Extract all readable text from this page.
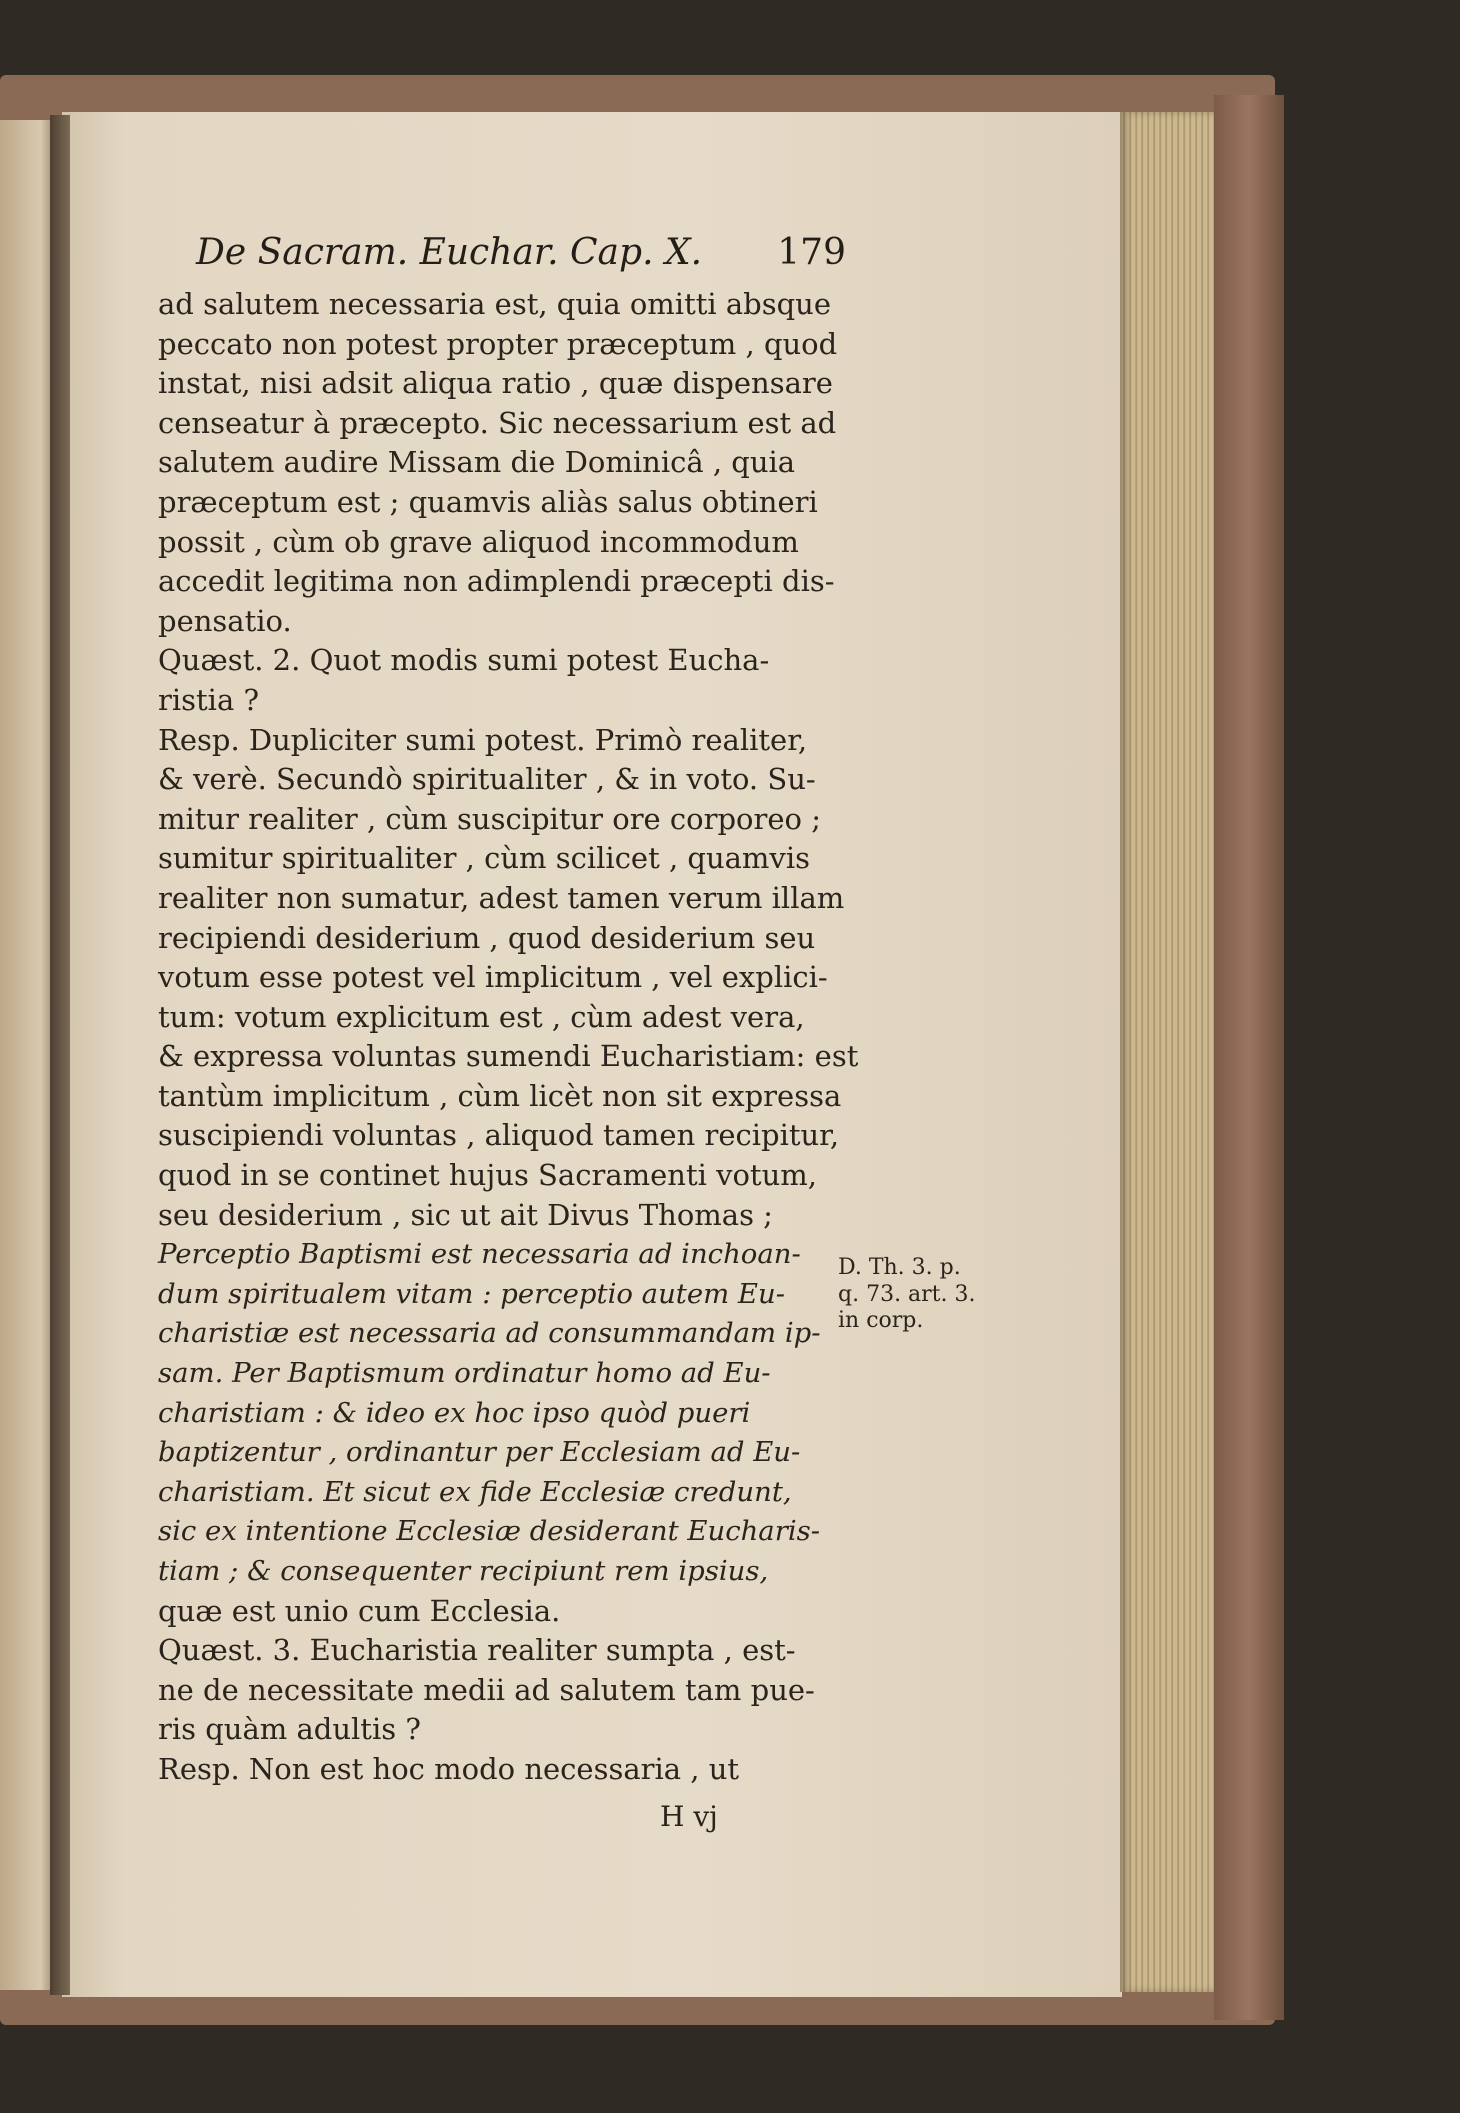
De Sacram. Euchar. Cap. X. 179
ad salutem necessaria est, quia omitti absque
peccato non potest propter præceptum , quod
instat, nisi adsit aliqua ratio , quæ dispensare
censeatur à præcepto. Sic necessarium est ad
salutem audire Missam die Dominicâ , quia
præceptum est ; quamvis aliàs salus obtineri
possit , cùm ob grave aliquod incommodum
accedit legitima non adimplendi præcepti dis-
pensatio.
Quæst. 2. Quot modis sumi potest Eucha-
ristia ?
Resp. Dupliciter sumi potest. Primò realiter,
& verè. Secundò spiritualiter , & in voto. Su-
mitur realiter , cùm suscipitur ore corporeo ;
sumitur spiritualiter , cùm scilicet , quamvis
realiter non sumatur, adest tamen verum illam
recipiendi desiderium , quod desiderium seu
votum esse potest vel implicitum , vel explici-
tum: votum explicitum est , cùm adest vera,
& expressa voluntas sumendi Eucharistiam: est
tantùm implicitum , cùm licèt non sit expressa
suscipiendi voluntas , aliquod tamen recipitur,
quod in se continet hujus Sacramenti votum,
seu desiderium , sic ut ait Divus Thomas ;
Perceptio Baptismi est necessaria ad inchoan-
dum spiritualem vitam : perceptio autem Eu-
charistiæ est necessaria ad consummandam ip-
sam. Per Baptismum ordinatur homo ad Eu-
charistiam : & ideo ex hoc ipso quòd pueri
baptizentur , ordinantur per Ecclesiam ad Eu-
charistiam. Et sicut ex fide Ecclesiæ credunt,
sic ex intentione Ecclesiæ desiderant Eucharis-
tiam ; & consequenter recipiunt rem ipsius,
quæ est unio cum Ecclesia.
Quæst. 3. Eucharistia realiter sumpta , est-
ne de necessitate medii ad salutem tam pue-
ris quàm adultis ?
Resp. Non est hoc modo necessaria , ut
D. Th. 3. p.
q. 73. art. 3.
in corp.
H vj
